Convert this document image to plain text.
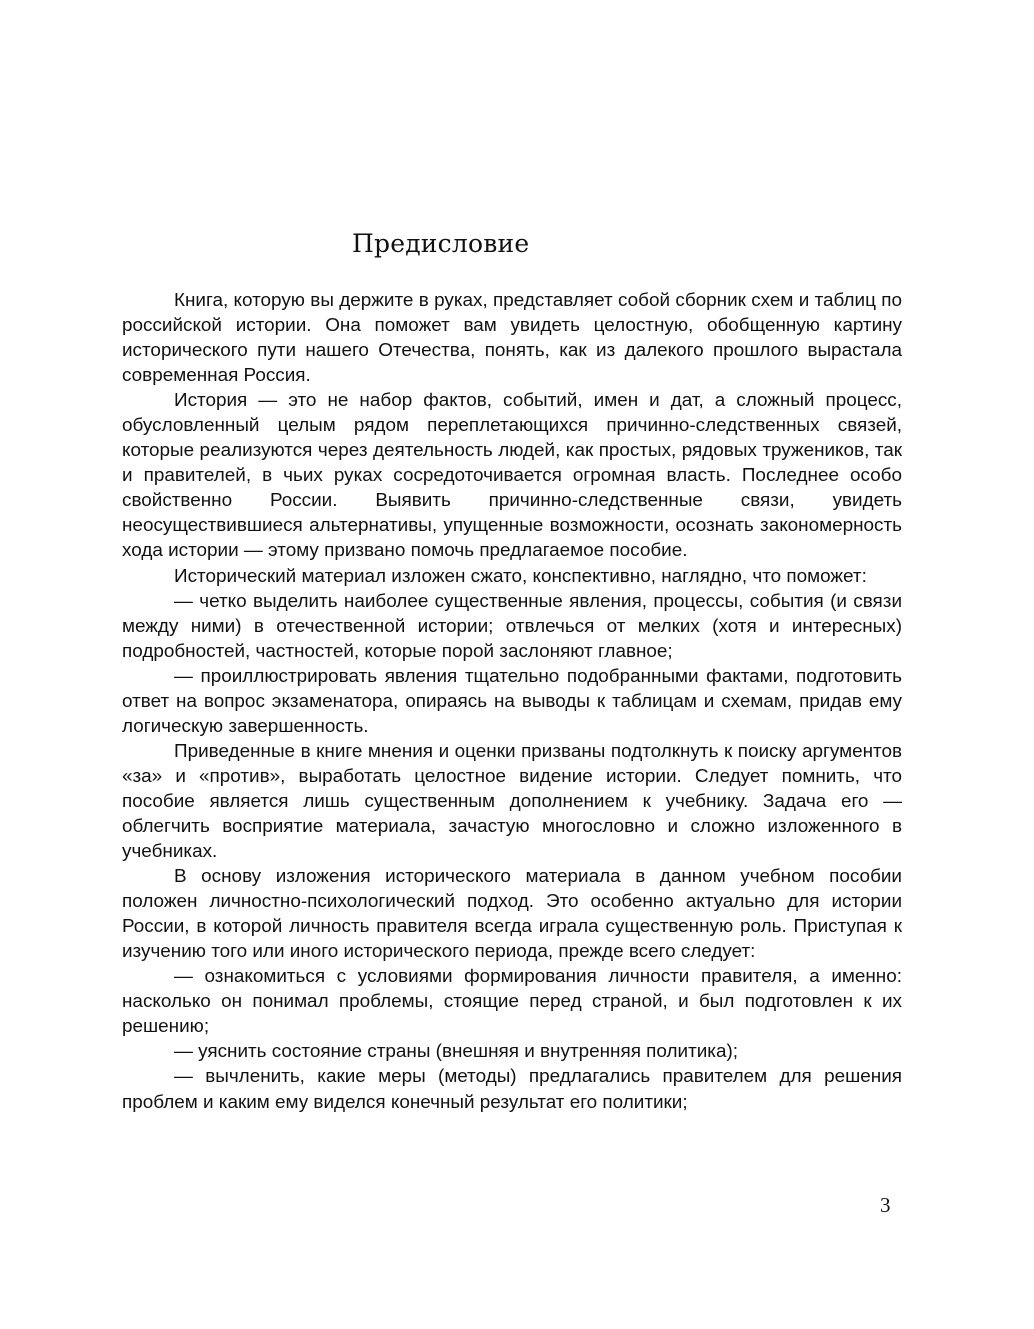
Предисловие

Книга, которую вы держите в руках, представляет собой сборник схем и таблиц по российской истории. Она поможет вам увидеть целостную, обобщенную картину исторического пути нашего Отечества, понять, как из далекого прошлого вырастала современная Россия.

История — это не набор фактов, событий, имен и дат, а сложный процесс, обусловленный целым рядом переплетающихся причинно-следственных связей, которые реализуются через деятельность людей, как простых, рядовых тружеников, так и правителей, в чьих руках сосредоточивается огромная власть. Последнее особо свойственно России. Выявить причинно-следственные связи, увидеть неосуществившиеся альтернативы, упущенные возможности, осознать закономерность хода истории — этому призвано помочь предлагаемое пособие.

Исторический материал изложен сжато, конспективно, наглядно, что поможет:

— четко выделить наиболее существенные явления, процессы, события (и связи между ними) в отечественной истории; отвлечься от мелких (хотя и интересных) подробностей, частностей, которые порой заслоняют главное;

— проиллюстрировать явления тщательно подобранными фактами, подготовить ответ на вопрос экзаменатора, опираясь на выводы к таблицам и схемам, придав ему логическую завершенность.

Приведенные в книге мнения и оценки призваны подтолкнуть к поиску аргументов «за» и «против», выработать целостное видение истории. Следует помнить, что пособие является лишь существенным дополнением к учебнику. Задача его — облегчить восприятие материала, зачастую многословно и сложно изложенного в учебниках.

В основу изложения исторического материала в данном учебном пособии положен личностно-психологический подход. Это особенно актуально для истории России, в которой личность правителя всегда играла существенную роль. Приступая к изучению того или иного исторического периода, прежде всего следует:

— ознакомиться с условиями формирования личности правителя, а именно: насколько он понимал проблемы, стоящие перед страной, и был подготовлен к их решению;

— уяснить состояние страны (внешняя и внутренняя политика);

— вычленить, какие меры (методы) предлагались правителем для решения проблем и каким ему виделся конечный результат его политики;

3
